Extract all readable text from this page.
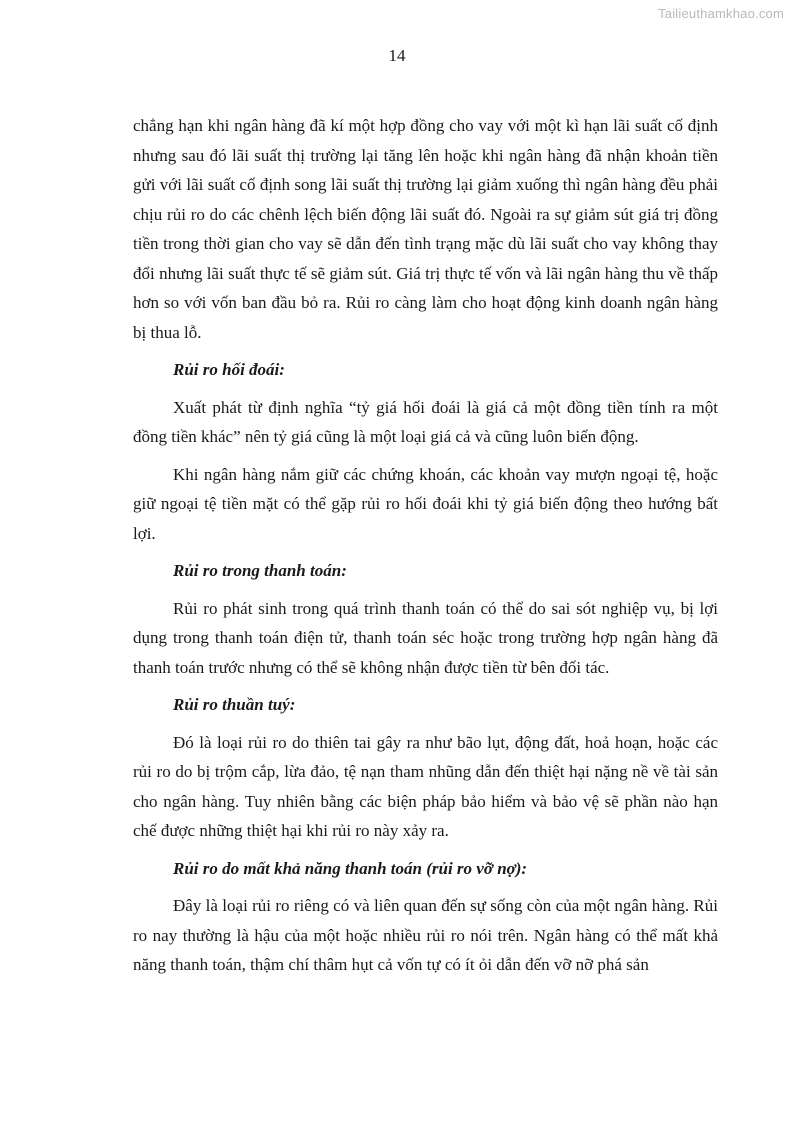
Tailieuthamkhao.com
14

chẳng hạn khi ngân hàng đã kí một hợp đồng cho vay với một kì hạn lãi suất cố định nhưng sau đó lãi suất thị trường lại tăng lên hoặc khi ngân hàng đã nhận khoản tiền gửi với lãi suất cố định song lãi suất thị trường lại giảm xuống thì ngân hàng đều phải chịu rủi ro do các chênh lệch biến động lãi suất đó. Ngoài ra sự giảm sút giá trị đồng tiền trong thời gian cho vay sẽ dẫn đến tình trạng mặc dù lãi suất cho vay không thay đổi nhưng lãi suất thực tế sẽ giảm sút. Giá trị thực tế vốn và lãi ngân hàng thu về thấp hơn so với vốn ban đầu bỏ ra. Rủi ro càng làm cho hoạt động kinh doanh ngân hàng bị thua lỗ.

Rủi ro hối đoái:

Xuất phát từ định nghĩa “tỷ giá hối đoái là giá cả một đồng tiền tính ra một đồng tiền khác” nên tỷ giá cũng là một loại giá cả và cũng luôn biến động.

Khi ngân hàng nắm giữ các chứng khoán, các khoản vay mượn ngoại tệ, hoặc giữ ngoại tệ tiền mặt có thể gặp rủi ro hối đoái khi tỷ giá biến động theo hướng bất lợi.

Rủi ro trong thanh toán:

Rủi ro phát sinh trong quá trình thanh toán có thể do sai sót nghiệp vụ, bị lợi dụng trong thanh toán điện tử, thanh toán séc hoặc trong trường hợp ngân hàng đã thanh toán trước nhưng có thể sẽ không nhận được tiền từ bên đối tác.

Rủi ro thuần tuý:

Đó là loại rủi ro do thiên tai gây ra như bão lụt, động đất, hoả hoạn, hoặc các rủi ro do bị trộm cắp, lừa đảo, tệ nạn tham nhũng dẫn đến thiệt hại nặng nề về tài sản cho ngân hàng. Tuy nhiên bằng các biện pháp bảo hiểm và bảo vệ sẽ phần nào hạn chế được những thiệt hại khi rủi ro này xảy ra.

Rủi ro do mất khả năng thanh toán (rủi ro vỡ nợ):

Đây là loại rủi ro riêng có và liên quan đến sự sống còn của một ngân hàng. Rủi ro nay thường là hậu của một hoặc nhiều rủi ro nói trên. Ngân hàng có thể mất khả năng thanh toán, thậm chí thâm hụt cả vốn tự có ít ỏi dẫn đến vỡ nỡ phá sản
